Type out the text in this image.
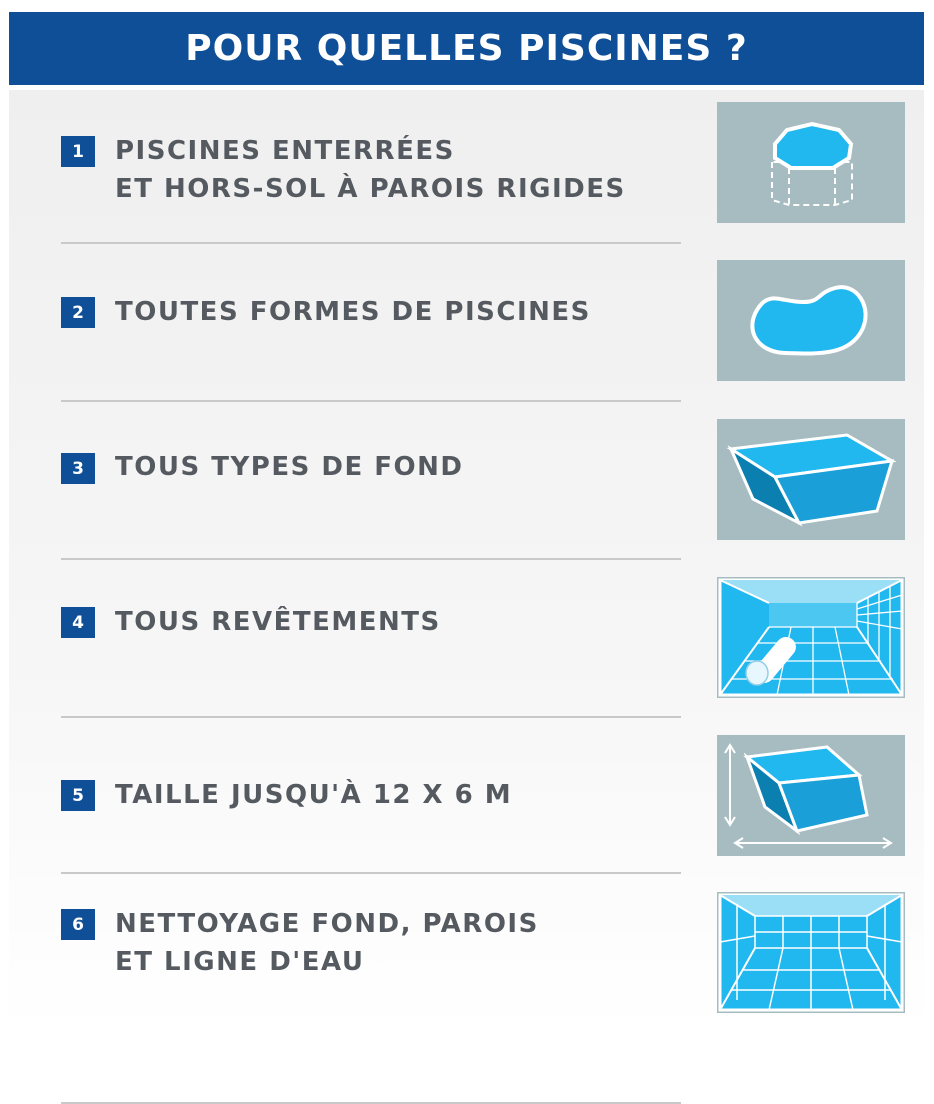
POUR QUELLES PISCINES ?
1	PISCINES ENTERRÉES
ET HORS-SOL À PAROIS RIGIDES
2	TOUTES FORMES DE PISCINES
3	TOUS TYPES DE FOND
4	TOUS REVÊTEMENTS
5	TAILLE JUSQU'À 12 X 6 M
6	NETTOYAGE FOND, PAROIS
ET LIGNE D'EAU
